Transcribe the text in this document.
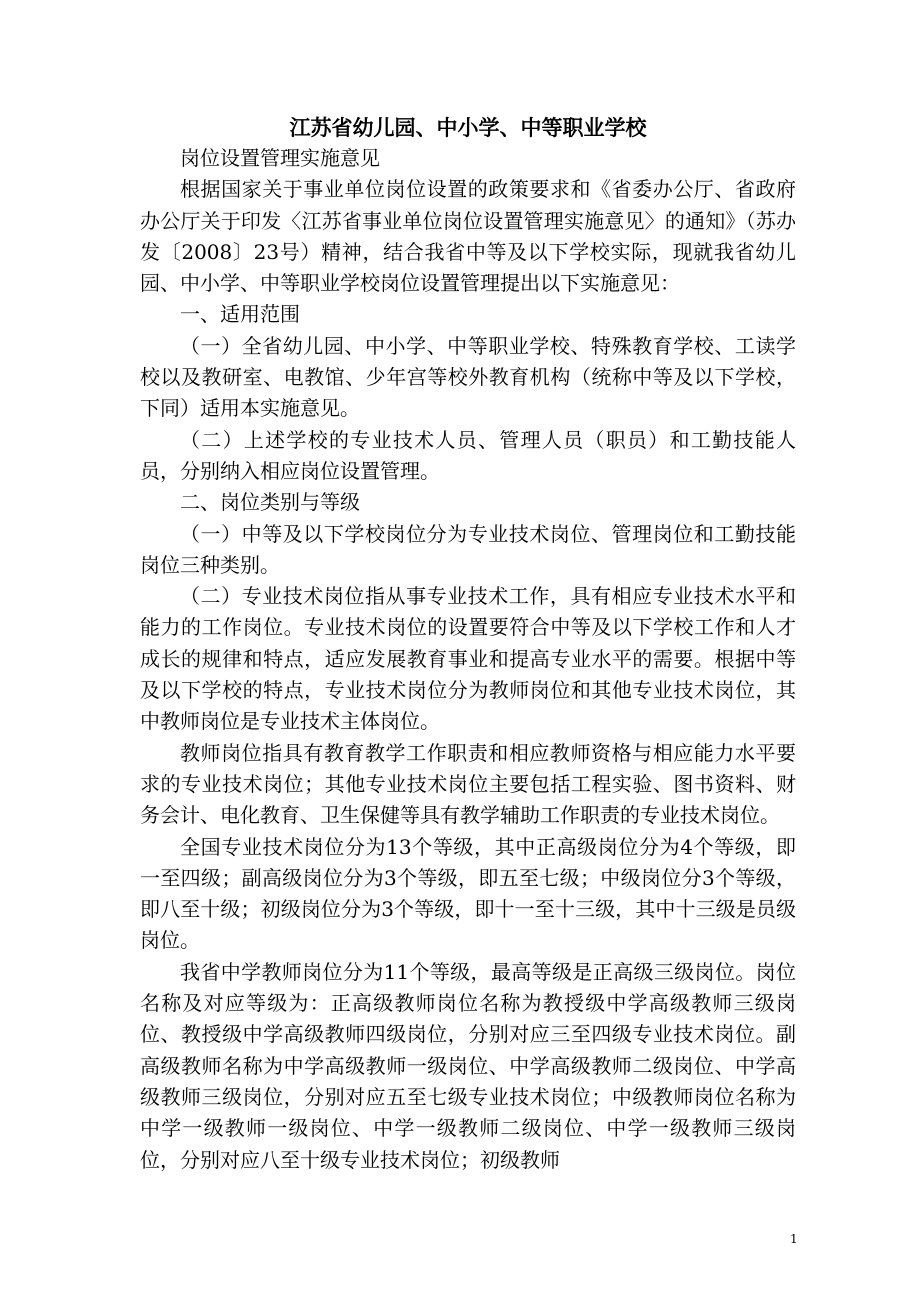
江苏省幼儿园、中小学、中等职业学校

岗位设置管理实施意见

根据国家关于事业单位岗位设置的政策要求和《省委办公厅、省政府办公厅关于印发〈江苏省事业单位岗位设置管理实施意见〉的通知》（苏办发〔2008〕23号）精神，结合我省中等及以下学校实际，现就我省幼儿园、中小学、中等职业学校岗位设置管理提出以下实施意见：

一、适用范围

（一）全省幼儿园、中小学、中等职业学校、特殊教育学校、工读学校以及教研室、电教馆、少年宫等校外教育机构（统称中等及以下学校，下同）适用本实施意见。

（二）上述学校的专业技术人员、管理人员（职员）和工勤技能人员，分别纳入相应岗位设置管理。

二、岗位类别与等级

（一）中等及以下学校岗位分为专业技术岗位、管理岗位和工勤技能岗位三种类别。

（二）专业技术岗位指从事专业技术工作，具有相应专业技术水平和能力的工作岗位。专业技术岗位的设置要符合中等及以下学校工作和人才成长的规律和特点，适应发展教育事业和提高专业水平的需要。根据中等及以下学校的特点，专业技术岗位分为教师岗位和其他专业技术岗位，其中教师岗位是专业技术主体岗位。

教师岗位指具有教育教学工作职责和相应教师资格与相应能力水平要求的专业技术岗位；其他专业技术岗位主要包括工程实验、图书资料、财务会计、电化教育、卫生保健等具有教学辅助工作职责的专业技术岗位。

全国专业技术岗位分为13个等级，其中正高级岗位分为4个等级，即一至四级；副高级岗位分为3个等级，即五至七级；中级岗位分3个等级，即八至十级；初级岗位分为3个等级，即十一至十三级，其中十三级是员级岗位。

我省中学教师岗位分为11个等级，最高等级是正高级三级岗位。岗位名称及对应等级为：正高级教师岗位名称为教授级中学高级教师三级岗位、教授级中学高级教师四级岗位，分别对应三至四级专业技术岗位。副高级教师名称为中学高级教师一级岗位、中学高级教师二级岗位、中学高级教师三级岗位，分别对应五至七级专业技术岗位；中级教师岗位名称为中学一级教师一级岗位、中学一级教师二级岗位、中学一级教师三级岗位，分别对应八至十级专业技术岗位；初级教师

1
